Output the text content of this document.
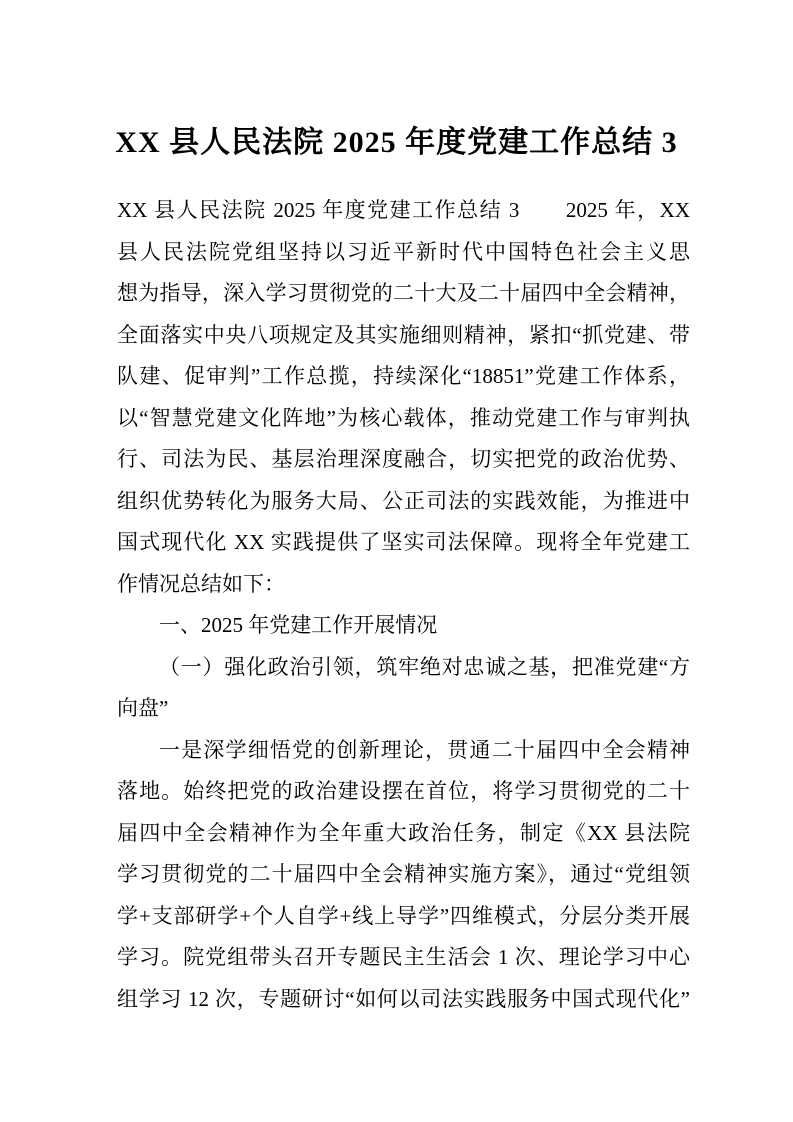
XX 县人民法院 2025 年度党建工作总结 3
XX 县人民法院 2025 年度党建工作总结 3　　2025 年，XX
县人民法院党组坚持以习近平新时代中国特色社会主义思
想为指导，深入学习贯彻党的二十大及二十届四中全会精神，
全面落实中央八项规定及其实施细则精神，紧扣“抓党建、带
队建、促审判”工作总揽，持续深化“18851”党建工作体系，
以“智慧党建文化阵地”为核心载体，推动党建工作与审判执
行、司法为民、基层治理深度融合，切实把党的政治优势、
组织优势转化为服务大局、公正司法的实践效能，为推进中
国式现代化 XX 实践提供了坚实司法保障。现将全年党建工
作情况总结如下：
一、2025 年党建工作开展情况
（一）强化政治引领，筑牢绝对忠诚之基，把准党建“方
向盘”
一是深学细悟党的创新理论，贯通二十届四中全会精神
落地。始终把党的政治建设摆在首位，将学习贯彻党的二十
届四中全会精神作为全年重大政治任务，制定《XX 县法院
学习贯彻党的二十届四中全会精神实施方案》，通过“党组领
学+支部研学+个人自学+线上导学”四维模式，分层分类开展
学习。院党组带头召开专题民主生活会 1 次、理论学习中心
组学习 12 次，专题研讨“如何以司法实践服务中国式现代化”
